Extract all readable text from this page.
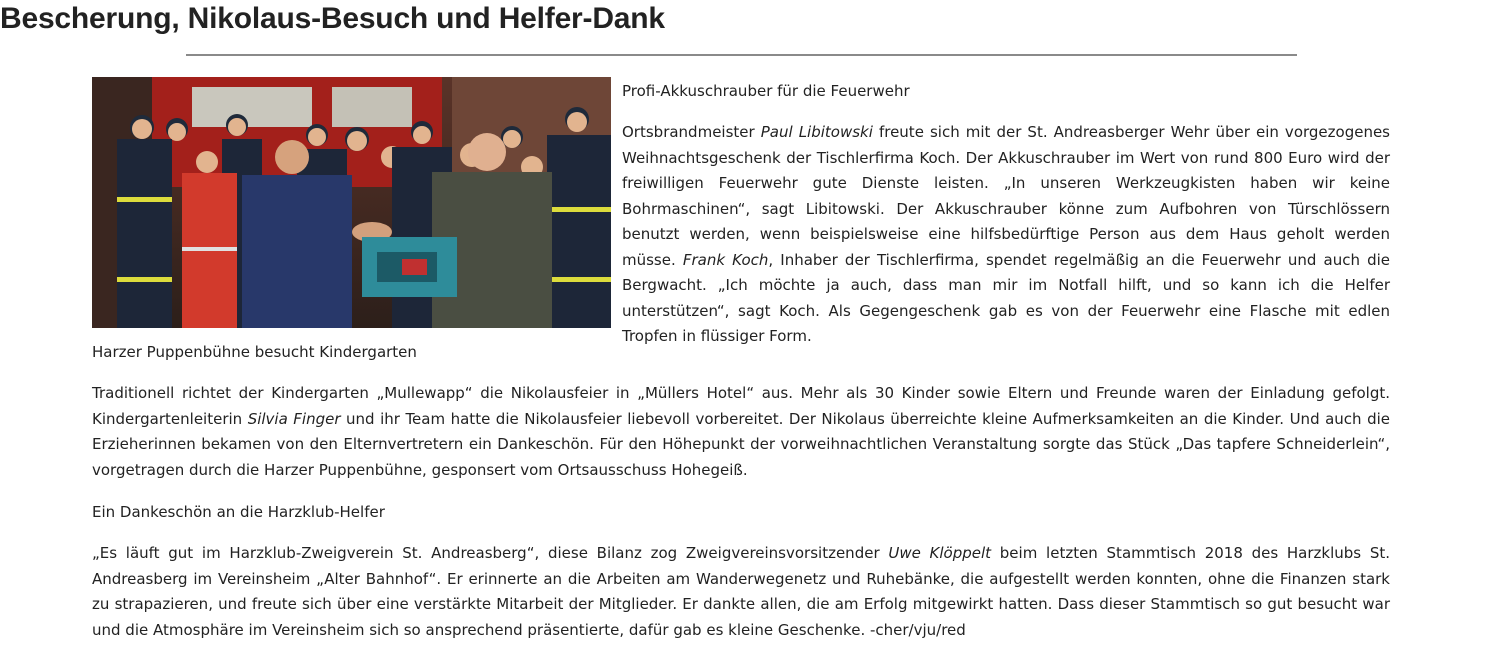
Bescherung, Nikolaus-Besuch und Helfer-Dank

Profi-Akkuschrauber für die Feuerwehr

Ortsbrandmeister Paul Libitowski freute sich mit der St. Andreasberger Wehr über ein vorgezogenes Weihnachtsgeschenk der Tischlerfirma Koch. Der Akkuschrauber im Wert von rund 800 Euro wird der freiwilligen Feuerwehr gute Dienste leisten. „In unseren Werkzeugkisten haben wir keine Bohrmaschinen“, sagt Libitowski. Der Akkuschrauber könne zum Aufbohren von Türschlössern benutzt werden, wenn beispielsweise eine hilfsbedürftige Person aus dem Haus geholt werden müsse. Frank Koch, Inhaber der Tischlerfirma, spendet regelmäßig an die Feuerwehr und auch die Bergwacht. „Ich möchte ja auch, dass man mir im Notfall hilft, und so kann ich die Helfer unterstützen“, sagt Koch. Als Gegengeschenk gab es von der Feuerwehr eine Flasche mit edlen Tropfen in flüssiger Form.

Harzer Puppenbühne besucht Kindergarten

Traditionell richtet der Kindergarten „Mullewapp“ die Nikolausfeier in „Müllers Hotel“ aus. Mehr als 30 Kinder sowie Eltern und Freunde waren der Einladung gefolgt. Kindergartenleiterin Silvia Finger und ihr Team hatte die Nikolausfeier liebevoll vorbereitet. Der Nikolaus überreichte kleine Aufmerksamkeiten an die Kinder. Und auch die Erzieherinnen bekamen von den Elternvertretern ein Dankeschön. Für den Höhepunkt der vorweihnachtlichen Veranstaltung sorgte das Stück „Das tapfere Schneiderlein“, vorgetragen durch die Harzer Puppenbühne, gesponsert vom Ortsausschuss Hohegeiß.

Ein Dankeschön an die Harzklub-Helfer

„Es läuft gut im Harzklub-Zweigverein St. Andreasberg“, diese Bilanz zog Zweigvereinsvorsitzender Uwe Klöppelt beim letzten Stammtisch 2018 des Harzklubs St. Andreasberg im Vereinsheim „Alter Bahnhof“. Er erinnerte an die Arbeiten am Wanderwegenetz und Ruhebänke, die aufgestellt werden konnten, ohne die Finanzen stark zu strapazieren, und freute sich über eine verstärkte Mitarbeit der Mitglieder. Er dankte allen, die am Erfolg mitgewirkt hatten. Dass dieser Stammtisch so gut besucht war und die Atmosphäre im Vereinsheim sich so ansprechend präsentierte, dafür gab es kleine Geschenke. -cher/vju/red
